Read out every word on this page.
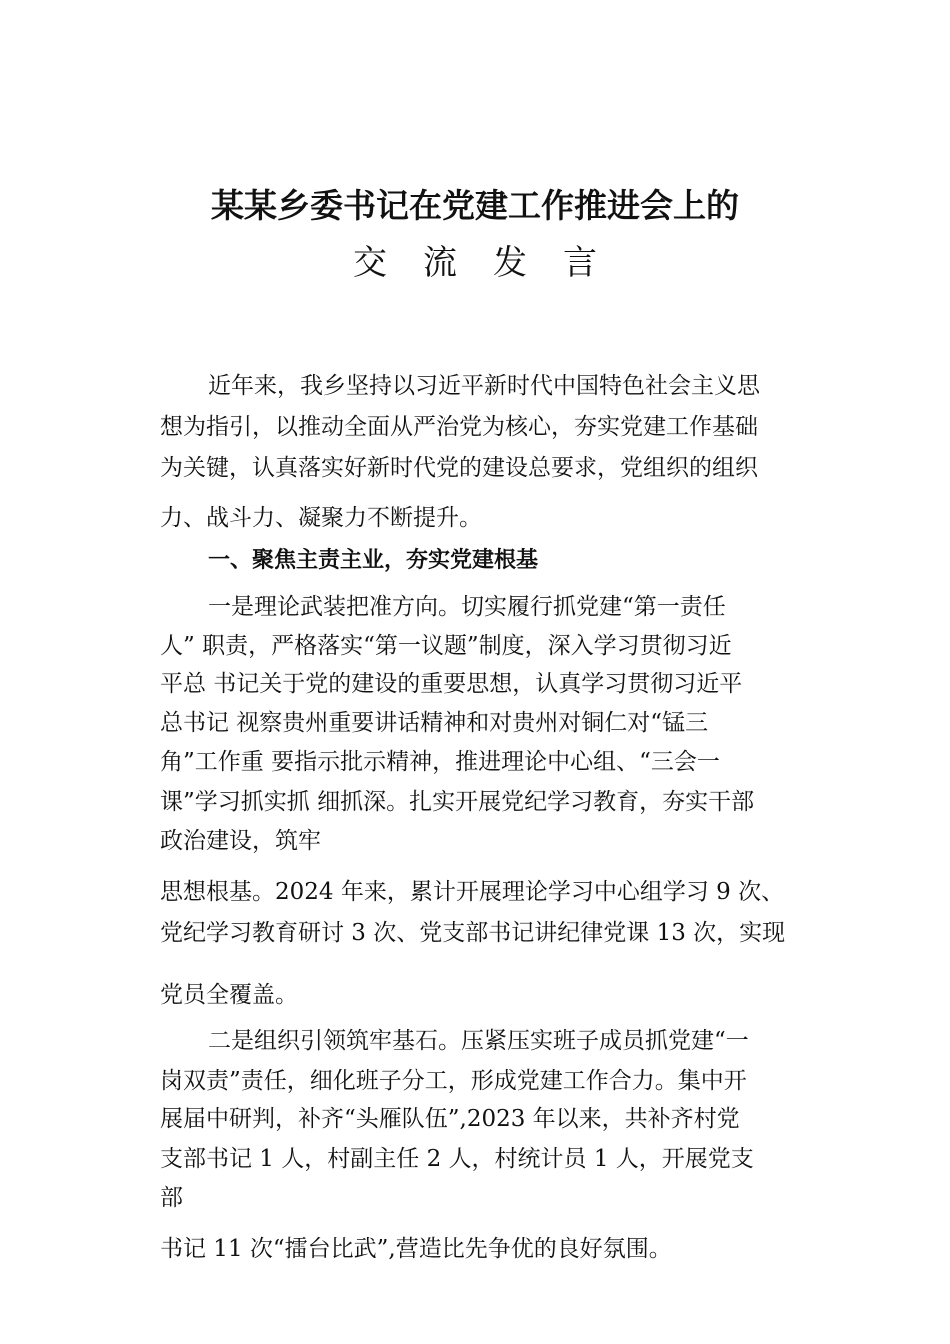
某某乡委书记在党建工作推进会上的
交流发言

近年来，我乡坚持以习近平新时代中国特色社会主义思

想为指引，以推动全面从严治党为核心，夯实党建工作基础

为关键，认真落实好新时代党的建设总要求，党组织的组织

力、战斗力、凝聚力不断提升。

一、聚焦主责主业，夯实党建根基

一是理论武装把准方向。切实履行抓党建“第一责任

人” 职责，严格落实“第一议题”制度，深入学习贯彻习近

平总 书记关于党的建设的重要思想，认真学习贯彻习近平

总书记 视察贵州重要讲话精神和对贵州对铜仁对“锰三

角”工作重 要指示批示精神，推进理论中心组、“三会一

课”学习抓实抓 细抓深。扎实开展党纪学习教育，夯实干部

政治建设，筑牢

思想根基。2024 年来，累计开展理论学习中心组学习 9 次、

党纪学习教育研讨 3 次、党支部书记讲纪律党课 13 次，实现

党员全覆盖。

二是组织引领筑牢基石。压紧压实班子成员抓党建“一

岗双责”责任，细化班子分工，形成党建工作合力。集中开

展届中研判，补齐“头雁队伍”,2023 年以来，共补齐村党

支部书记 1 人，村副主任 2 人，村统计员 1 人，开展党支

部

书记 11 次“擂台比武”,营造比先争优的良好氛围。
